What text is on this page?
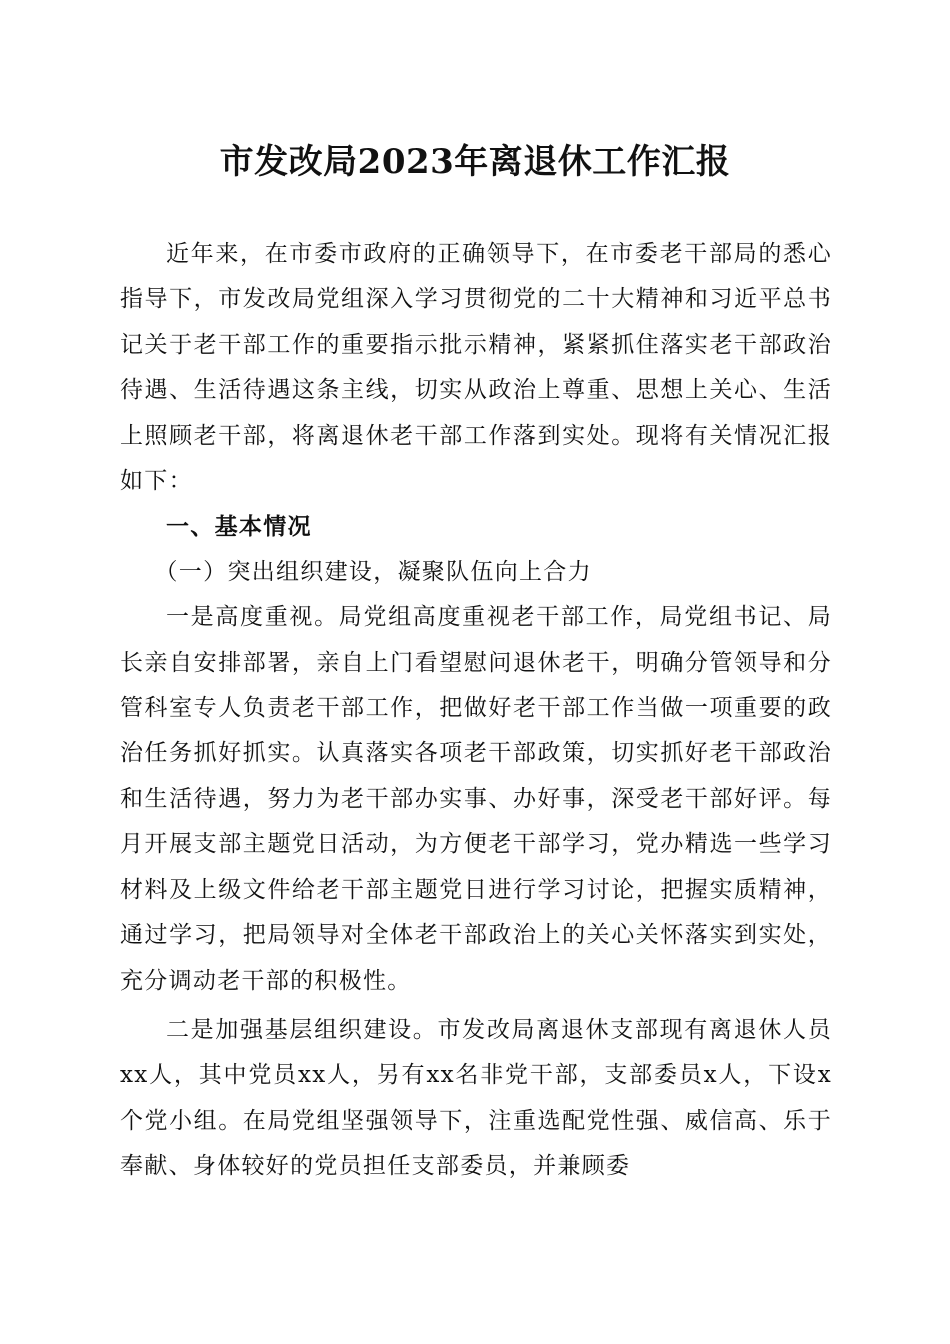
市发改局2023年离退休工作汇报

近年来，在市委市政府的正确领导下，在市委老干部局的悉心指导下，市发改局党组深入学习贯彻党的二十大精神和习近平总书记关于老干部工作的重要指示批示精神，紧紧抓住落实老干部政治待遇、生活待遇这条主线，切实从政治上尊重、思想上关心、生活上照顾老干部，将离退休老干部工作落到实处。现将有关情况汇报如下：

一、基本情况

（一）突出组织建设，凝聚队伍向上合力

一是高度重视。局党组高度重视老干部工作，局党组书记、局长亲自安排部署，亲自上门看望慰问退休老干，明确分管领导和分管科室专人负责老干部工作，把做好老干部工作当做一项重要的政治任务抓好抓实。认真落实各项老干部政策，切实抓好老干部政治和生活待遇，努力为老干部办实事、办好事，深受老干部好评。每月开展支部主题党日活动，为方便老干部学习，党办精选一些学习材料及上级文件给老干部主题党日进行学习讨论，把握实质精神，通过学习，把局领导对全体老干部政治上的关心关怀落实到实处，充分调动老干部的积极性。

二是加强基层组织建设。市发改局离退休支部现有离退休人员xx人，其中党员xx人，另有xx名非党干部，支部委员x人，下设x个党小组。在局党组坚强领导下，注重选配党性强、威信高、乐于奉献、身体较好的党员担任支部委员，并兼顾委
